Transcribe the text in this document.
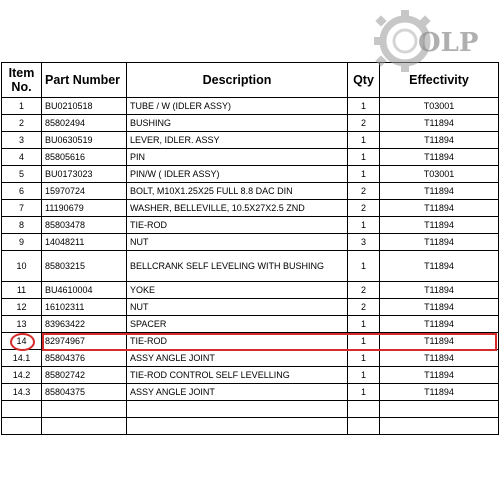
Item
No.	Part Number	Description	Qty	Effectivity
1	BU0210518	TUBE / W (IDLER ASSY)	1	T03001
2	85802494	BUSHING	2	T11894
3	BU0630519	LEVER, IDLER. ASSY	1	T11894
4	85805616	PIN	1	T11894
5	BU0173023	PIN/W ( IDLER ASSY)	1	T03001
6	15970724	BOLT, M10X1.25X25 FULL 8.8 DAC DIN	2	T11894
7	11190679	WASHER, BELLEVILLE, 10.5X27X2.5 ZND	2	T11894
8	85803478	TIE-ROD	1	T11894
9	14048211	NUT	3	T11894
10	85803215	BELLCRANK SELF LEVELING WITH BUSHING	1	T11894
11	BU4610004	YOKE	2	T11894
12	16102311	NUT	2	T11894
13	83963422	SPACER	1	T11894
14	82974967	TIE-ROD	1	T11894
14.1	85804376	ASSY ANGLE JOINT	1	T11894
14.2	85802742	TIE-ROD CONTROL SELF LEVELLING	1	T11894
14.3	85804375	ASSY ANGLE JOINT	1	T11894

OLP
